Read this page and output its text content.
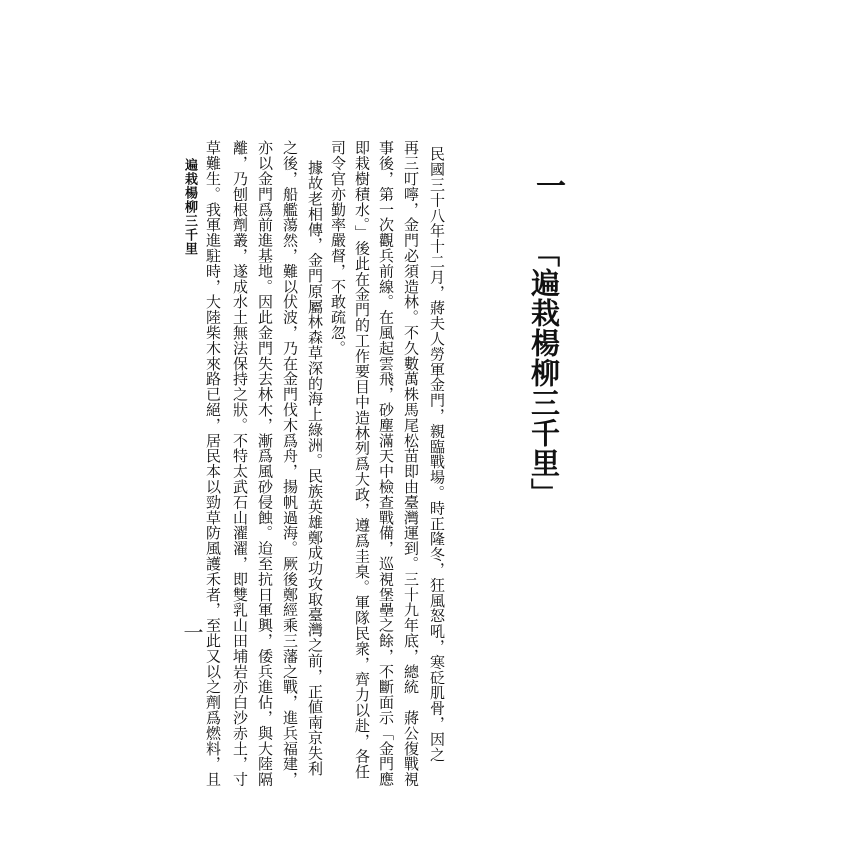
一
「遍栽楊柳三千里」
民國三十八年十二月，蔣夫人勞軍金門，親臨戰場。時正隆冬，狂風怒吼，寒砭肌骨，因之
再三叮嚀，金門必須造林。不久數萬株馬尾松苗即由臺灣運到。三十九年底，總統　蔣公復戰視
事後，第一次觀兵前線。在風起雲飛，砂塵滿天中檢查戰備，巡視堡壘之餘，不斷面示「金門應
即栽樹積水。」後此在金門的工作要目中造林列爲大政，遵爲圭臬。軍隊民衆，齊力以赴，各任
司令官亦勤率嚴督，不敢疏忽。
據故老相傳，金門原屬林森草深的海上綠洲。民族英雄鄭成功攻取臺灣之前，正値南京失利
之後，船艦蕩然，難以伏波，乃在金門伐木爲舟，揚帆過海。厥後鄭經乘三藩之戰，進兵福建，
亦以金門爲前進基地。因此金門失去林木，漸爲風砂侵蝕。迨至抗日軍興，倭兵進佔，與大陸隔
離，乃刨根劑叢，遂成水土無法保持之狀。不特太武石山濯濯，即雙乳山田埔岩亦白沙赤土，寸
草難生。我軍進駐時，大陸柴木來路已絕，居民本以勁草防風護禾者，至此又以之劑爲燃料，且
遍栽楊柳三千里
一
